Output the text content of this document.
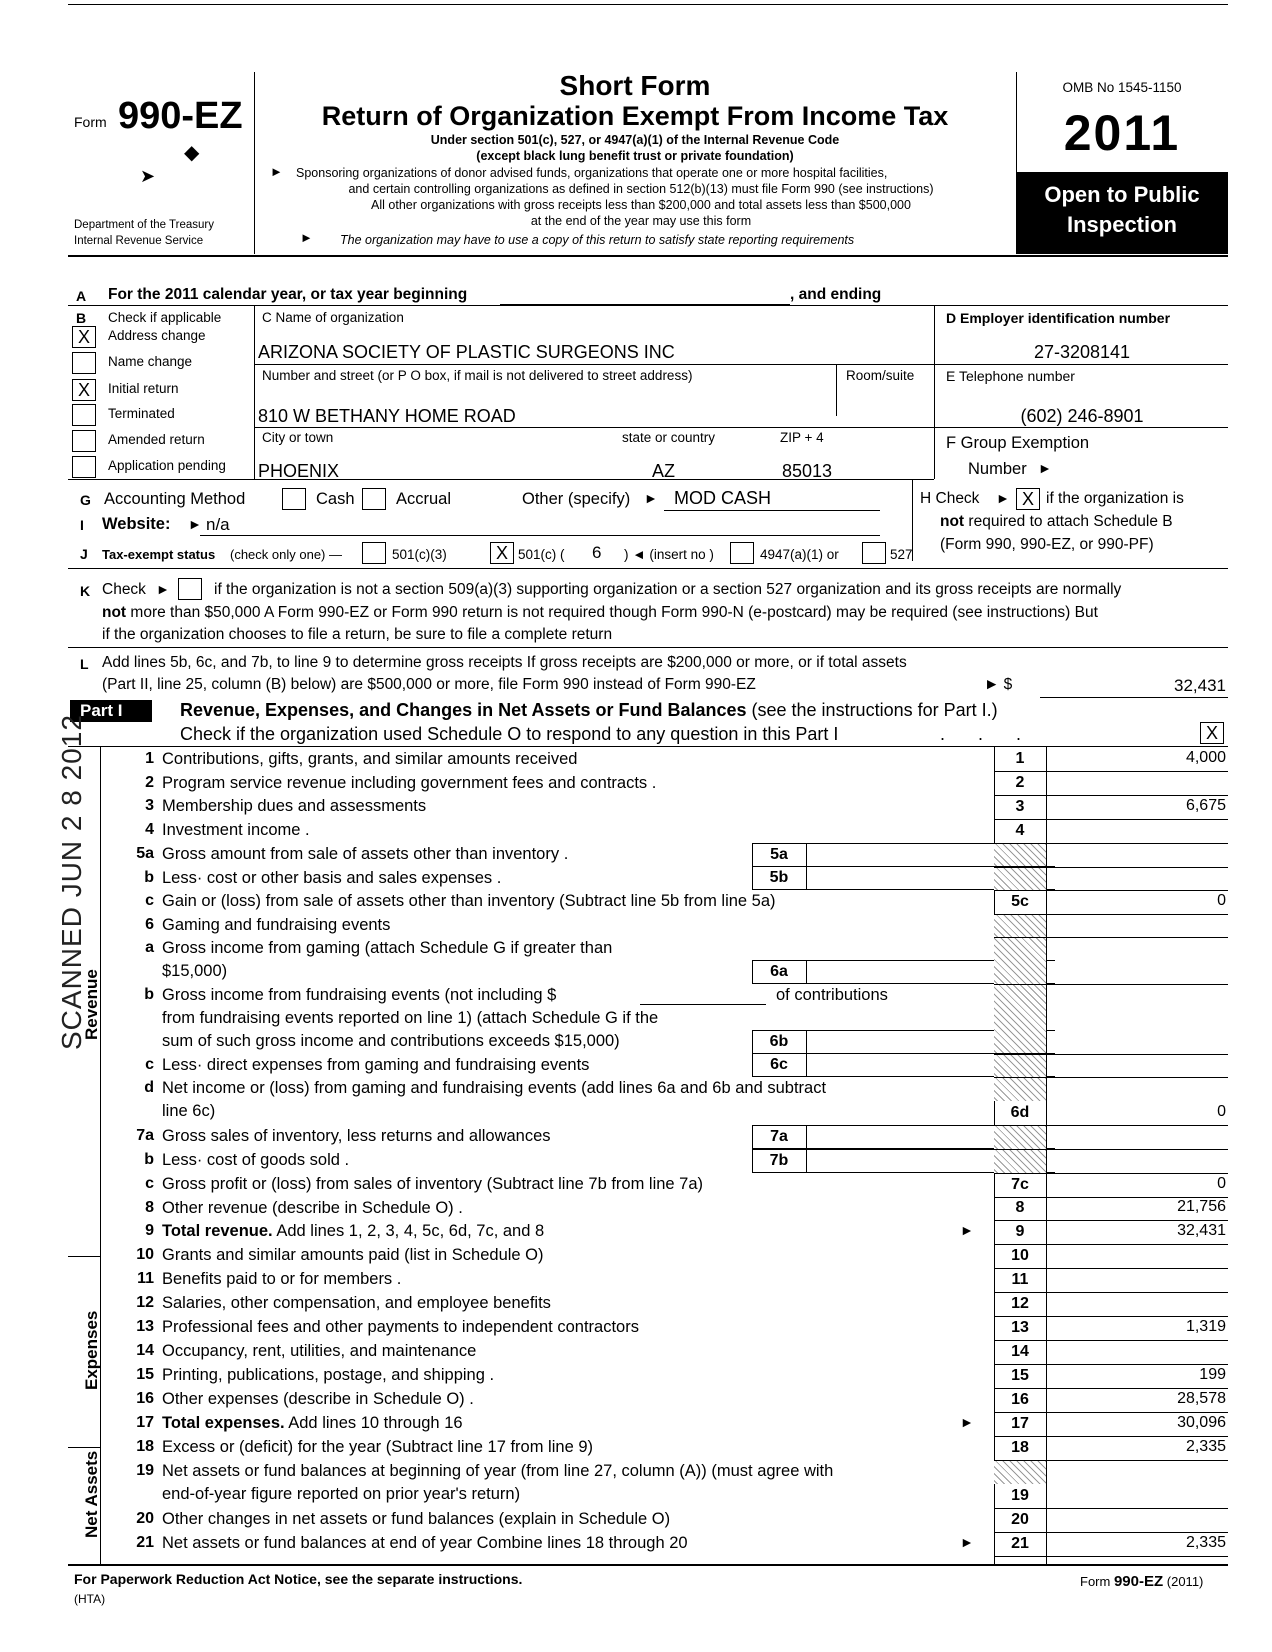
Form 990-EZ
◆
➤
Department of the Treasury
Internal Revenue Service
Short Form
Return of Organization Exempt From Income Tax
Under section 501(c), 527, or 4947(a)(1) of the Internal Revenue Code
(except black lung benefit trust or private foundation)
► Sponsoring organizations of donor advised funds, organizations that operate one or more hospital facilities,
and certain controlling organizations as defined in section 512(b)(13) must file Form 990 (see instructions)
All other organizations with gross receipts less than $200,000 and total assets less than $500,000
at the end of the year may use this form
► The organization may have to use a copy of this return to satisfy state reporting requirements
OMB No 1545-1150
2011
Open to Public
Inspection
A For the 2011 calendar year, or tax year beginning	, and ending
B Check if applicable
X	Address change
Name change
X	Initial return
Terminated
Amended return
Application pending
C Name of organization
ARIZONA SOCIETY OF PLASTIC SURGEONS INC
Number and street (or P O box, if mail is not delivered to street address)	Room/suite
810 W BETHANY HOME ROAD
City or town	state or country	ZIP + 4
PHOENIX	AZ	85013
D Employer identification number
27-3208141
E Telephone number
(602) 246-8901
F Group Exemption
Number ►
G Accounting Method	Cash	Accrual	Other (specify) ► MOD CASH	H Check ► X if the organization is
not required to attach Schedule B
(Form 990, 990-EZ, or 990-PF)
I Website: ► n/a
J Tax-exempt status (check only one) —	501(c)(3)	X 501(c) ( 6 ) ◄ (insert no )	4947(a)(1) or	527
K Check ►	if the organization is not a section 509(a)(3) supporting organization or a section 527 organization and its gross receipts are normally
not more than $50,000 A Form 990-EZ or Form 990 return is not required though Form 990-N (e-postcard) may be required (see instructions) But
if the organization chooses to file a return, be sure to file a complete return
L Add lines 5b, 6c, and 7b, to line 9 to determine gross receipts If gross receipts are $200,000 or more, or if total assets
(Part II, line 25, column (B) below) are $500,000 or more, file Form 990 instead of Form 990-EZ	► $	32,431
Part I	Revenue, Expenses, and Changes in Net Assets or Fund Balances (see the instructions for Part I.)
Check if the organization used Schedule O to respond to any question in this Part I	. . .	X
SCANNED JUN 2 8 2012
Revenue
Expenses
Net Assets
1 Contributions, gifts, grants, and similar amounts received	1	4,000
2 Program service revenue including government fees and contracts .	2
3 Membership dues and assessments	3	6,675
4 Investment income .	4
5a Gross amount from sale of assets other than inventory .	5a
b Less· cost or other basis and sales expenses .	5b
c Gain or (loss) from sale of assets other than inventory (Subtract line 5b from line 5a)	5c	0
6 Gaming and fundraising events
a Gross income from gaming (attach Schedule G if greater than
$15,000)	6a
b Gross income from fundraising events (not including $	of contributions
from fundraising events reported on line 1) (attach Schedule G if the
sum of such gross income and contributions exceeds $15,000)	6b
c Less· direct expenses from gaming and fundraising events	6c
d Net income or (loss) from gaming and fundraising events (add lines 6a and 6b and subtract
line 6c)	6d	0
7a Gross sales of inventory, less returns and allowances	7a
b Less· cost of goods sold .	7b
c Gross profit or (loss) from sales of inventory (Subtract line 7b from line 7a)	7c	0
8 Other revenue (describe in Schedule O) .	8	21,756
9 Total revenue. Add lines 1, 2, 3, 4, 5c, 6d, 7c, and 8	►	9	32,431
10 Grants and similar amounts paid (list in Schedule O)	10
11 Benefits paid to or for members .	11
12 Salaries, other compensation, and employee benefits	12
13 Professional fees and other payments to independent contractors	13	1,319
14 Occupancy, rent, utilities, and maintenance	14
15 Printing, publications, postage, and shipping .	15	199
16 Other expenses (describe in Schedule O) .	16	28,578
17 Total expenses. Add lines 10 through 16	►	17	30,096
18 Excess or (deficit) for the year (Subtract line 17 from line 9)	18	2,335
19 Net assets or fund balances at beginning of year (from line 27, column (A)) (must agree with
end-of-year figure reported on prior year's return)	19
20 Other changes in net assets or fund balances (explain in Schedule O)	20
21 Net assets or fund balances at end of year Combine lines 18 through 20	►	21	2,335
For Paperwork Reduction Act Notice, see the separate instructions.
(HTA)
Form 990-EZ (2011)
